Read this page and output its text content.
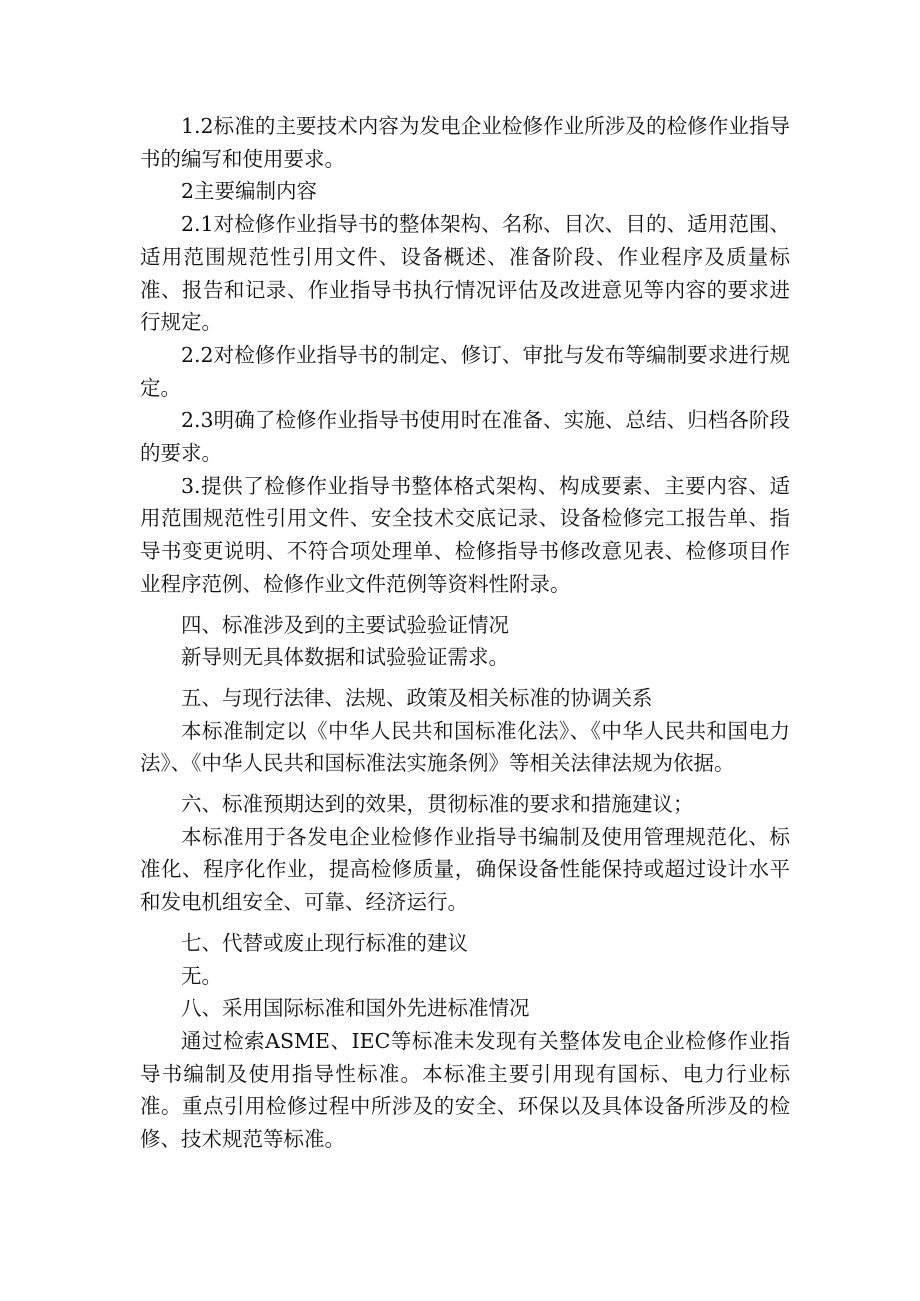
1.2标准的主要技术内容为发电企业检修作业所涉及的检修作业指导书的编写和使用要求。

2主要编制内容

2.1对检修作业指导书的整体架构、名称、目次、目的、适用范围、适用范围规范性引用文件、设备概述、准备阶段、作业程序及质量标准、报告和记录、作业指导书执行情况评估及改进意见等内容的要求进行规定。

2.2对检修作业指导书的制定、修订、审批与发布等编制要求进行规定。

2.3明确了检修作业指导书使用时在准备、实施、总结、归档各阶段的要求。

3.提供了检修作业指导书整体格式架构、构成要素、主要内容、适用范围规范性引用文件、安全技术交底记录、设备检修完工报告单、指导书变更说明、不符合项处理单、检修指导书修改意见表、检修项目作业程序范例、检修作业文件范例等资料性附录。

四、标准涉及到的主要试验验证情况

新导则无具体数据和试验验证需求。

五、与现行法律、法规、政策及相关标准的协调关系

本标准制定以《中华人民共和国标准化法》、《中华人民共和国电力法》、《中华人民共和国标准法实施条例》等相关法律法规为依据。

六、标准预期达到的效果，贯彻标准的要求和措施建议；

本标准用于各发电企业检修作业指导书编制及使用管理规范化、标准化、程序化作业，提高检修质量，确保设备性能保持或超过设计水平和发电机组安全、可靠、经济运行。

七、代替或废止现行标准的建议

无。

八、采用国际标准和国外先进标准情况

通过检索ASME、IEC等标准未发现有关整体发电企业检修作业指导书编制及使用指导性标准。本标准主要引用现有国标、电力行业标准。重点引用检修过程中所涉及的安全、环保以及具体设备所涉及的检修、技术规范等标准。
